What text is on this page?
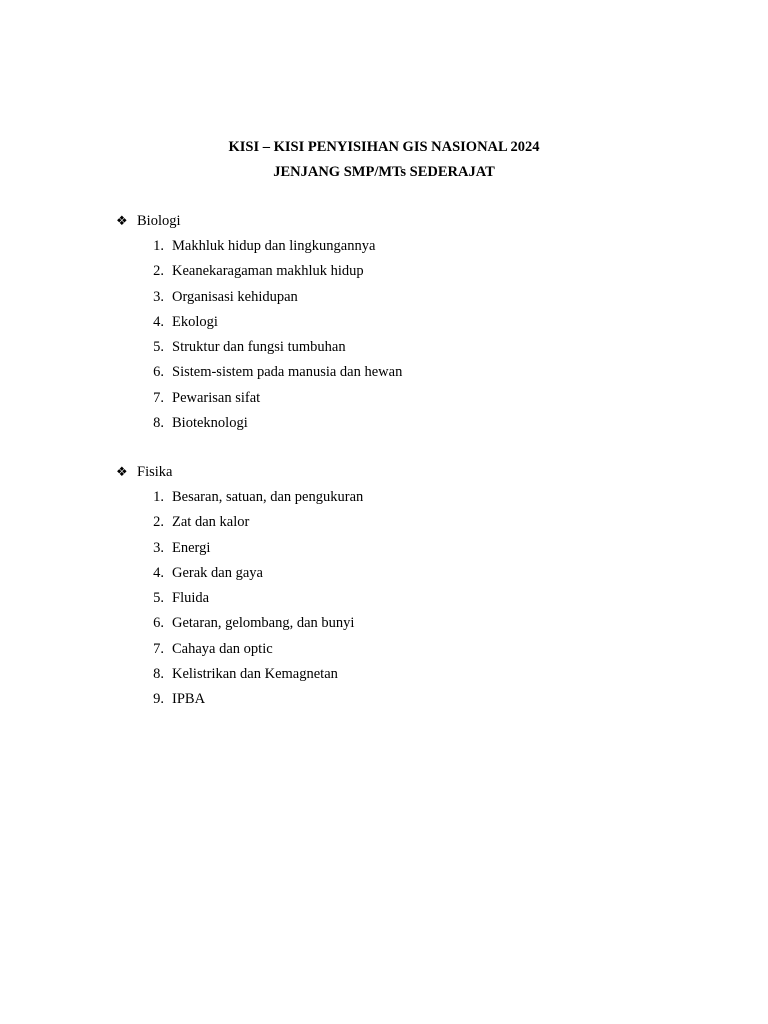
KISI – KISI PENYISIHAN GIS NASIONAL 2024
JENJANG SMP/MTs SEDERAJAT
❖ Biologi
1. Makhluk hidup dan lingkungannya
2. Keanekaragaman makhluk hidup
3. Organisasi kehidupan
4. Ekologi
5. Struktur dan fungsi tumbuhan
6. Sistem-sistem pada manusia dan hewan
7. Pewarisan sifat
8. Bioteknologi
❖ Fisika
1. Besaran, satuan, dan pengukuran
2. Zat dan kalor
3. Energi
4. Gerak dan gaya
5. Fluida
6. Getaran, gelombang, dan bunyi
7. Cahaya dan optic
8. Kelistrikan dan Kemagnetan
9. IPBA
